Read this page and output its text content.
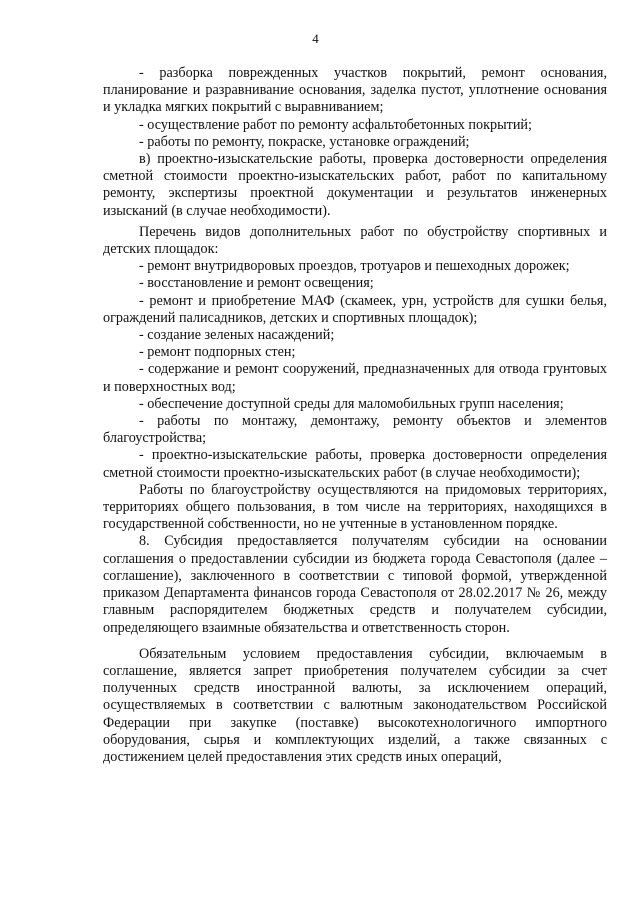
4

- разборка поврежденных участков покрытий, ремонт основания, планирование и разравнивание основания, заделка пустот, уплотнение основания и укладка мягких покрытий с выравниванием;

- осуществление работ по ремонту асфальтобетонных покрытий;

- работы по ремонту, покраске, установке ограждений;

в) проектно-изыскательские работы, проверка достоверности определения сметной стоимости проектно-изыскательских работ, работ по капитальному ремонту, экспертизы проектной документации и результатов инженерных изысканий (в случае необходимости).

Перечень видов дополнительных работ по обустройству спортивных и детских площадок:

- ремонт внутридворовых проездов, тротуаров и пешеходных дорожек;

- восстановление и ремонт освещения;

- ремонт и приобретение МАФ (скамеек, урн, устройств для сушки белья, ограждений палисадников, детских и спортивных площадок);

- создание зеленых насаждений;

- ремонт подпорных стен;

- содержание и ремонт сооружений, предназначенных для отвода грунтовых и поверхностных вод;

- обеспечение доступной среды для маломобильных групп населения;

- работы по монтажу, демонтажу, ремонту объектов и элементов благоустройства;

- проектно-изыскательские работы, проверка достоверности определения сметной стоимости проектно-изыскательских работ (в случае необходимости);

Работы по благоустройству осуществляются на придомовых территориях, территориях общего пользования, в том числе на территориях, находящихся в государственной собственности, но не учтенные в установленном порядке.

8. Субсидия предоставляется получателям субсидии на основании соглашения о предоставлении субсидии из бюджета города Севастополя (далее – соглашение), заключенного в соответствии с типовой формой, утвержденной приказом Департамента финансов города Севастополя от 28.02.2017 № 26, между главным распорядителем бюджетных средств и получателем субсидии, определяющего взаимные обязательства и ответственность сторон.

Обязательным условием предоставления субсидии, включаемым в соглашение, является запрет приобретения получателем субсидии за счет полученных средств иностранной валюты, за исключением операций, осуществляемых в соответствии с валютным законодательством Российской Федерации при закупке (поставке) высокотехнологичного импортного оборудования, сырья и комплектующих изделий, а также связанных с достижением целей предоставления этих средств иных операций,
